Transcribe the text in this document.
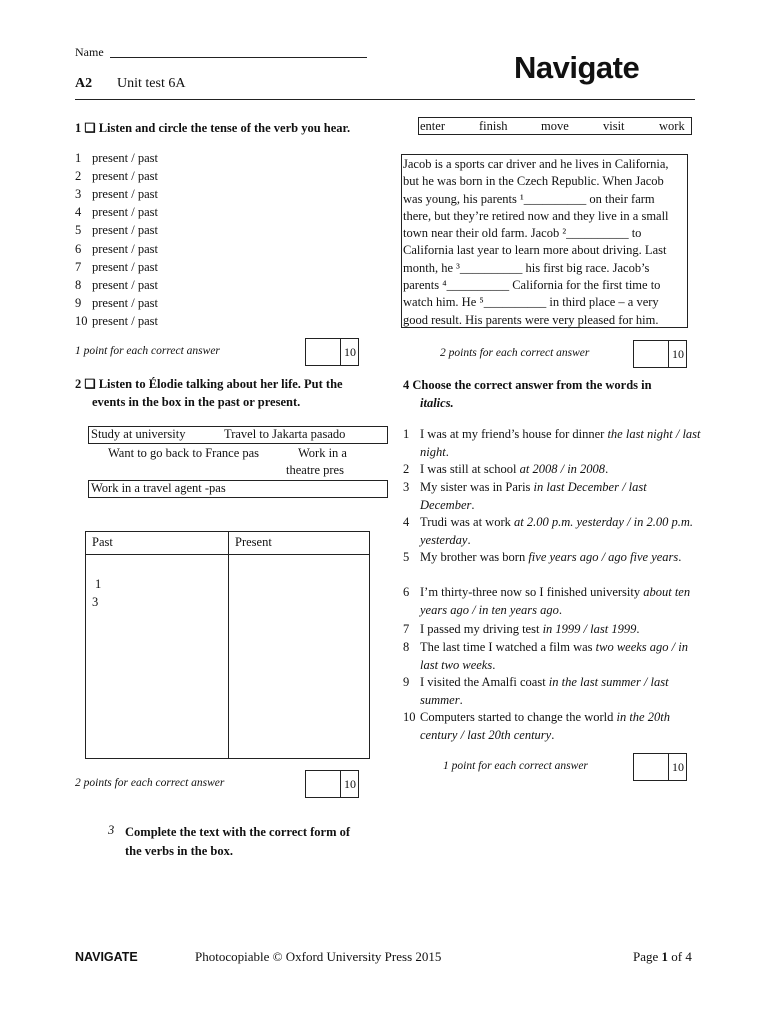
Name
A2 Unit test 6A	Navigate
1 ❑ Listen and circle the tense of the verb you hear.
1 present / past
2 present / past
3 present / past
4 present / past
5 present / past
6 present / past
7 present / past
8 present / past
9 present / past
10 present / past
1 point for each correct answer	10
2 ❑ Listen to Élodie talking about her life. Put the
events in the box in the past or present.
Study at university	Travel to Jakarta pasado
Want to go back to France pas	Work in a
theatre pres
Work in a travel agent -pas
Past	Present

1
3	

2 points for each correct answer	10
3 Complete the text with the correct form of
the verbs in the box.
enter	finish	move	visit	work
Jacob is a sports car driver and he lives in California,
but he was born in the Czech Republic. When Jacob
was young, his parents ¹__________ on their farm
there, but they’re retired now and they live in a small
town near their old farm. Jacob ²__________ to
California last year to learn more about driving. Last
month, he ³__________ his first big race. Jacob’s
parents ⁴__________ California for the first time to
watch him. He ⁵__________ in third place – a very
good result. His parents were very pleased for him.
2 points for each correct answer	10
4 Choose the correct answer from the words in
italics.
1 I was at my friend’s house for dinner the last night / last night.
2 I was still at school at 2008 / in 2008.
3 My sister was in Paris in last December / last December.
4 Trudi was at work at 2.00 p.m. yesterday / in 2.00 p.m. yesterday.
5 My brother was born five years ago / ago five years.
6 I’m thirty-three now so I finished university about ten years ago / in ten years ago.
7 I passed my driving test in 1999 / last 1999.
8 The last time I watched a film was two weeks ago / in last two weeks.
9 I visited the Amalfi coast in the last summer / last summer.
10 Computers started to change the world in the 20th century / last 20th century.
1 point for each correct answer	10
NAVIGATE	Photocopiable © Oxford University Press 2015	Page 1 of 4
